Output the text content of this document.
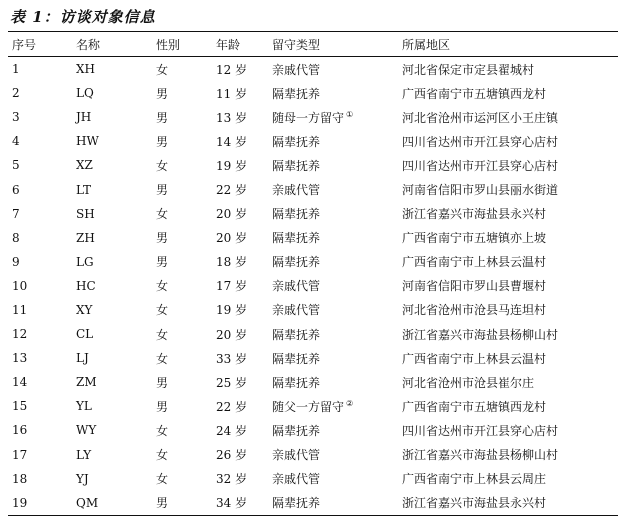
表 1：访谈对象信息
序号	名称	性别	年龄	留守类型	所属地区
1	XH	女	12 岁	亲戚代管	河北省保定市定县翟城村
2	LQ	男	11 岁	隔辈抚养	广西省南宁市五塘镇西龙村
3	JH	男	13 岁	随母一方留守 ①	河北省沧州市运河区小王庄镇
4	HW	男	14 岁	隔辈抚养	四川省达州市开江县穿心店村
5	XZ	女	19 岁	隔辈抚养	四川省达州市开江县穿心店村
6	LT	男	22 岁	亲戚代管	河南省信阳市罗山县丽水街道
7	SH	女	20 岁	隔辈抚养	浙江省嘉兴市海盐县永兴村
8	ZH	男	20 岁	隔辈抚养	广西省南宁市五塘镇亦上坡
9	LG	男	18 岁	隔辈抚养	广西省南宁市上林县云温村
10	HC	女	17 岁	亲戚代管	河南省信阳市罗山县曹堰村
11	XY	女	19 岁	亲戚代管	河北省沧州市沧县马连坦村
12	CL	女	20 岁	隔辈抚养	浙江省嘉兴市海盐县杨柳山村
13	LJ	女	33 岁	隔辈抚养	广西省南宁市上林县云温村
14	ZM	男	25 岁	隔辈抚养	河北省沧州市沧县崔尔庄
15	YL	男	22 岁	随父一方留守 ②	广西省南宁市五塘镇西龙村
16	WY	女	24 岁	隔辈抚养	四川省达州市开江县穿心店村
17	LY	女	26 岁	亲戚代管	浙江省嘉兴市海盐县杨柳山村
18	YJ	女	32 岁	亲戚代管	广西省南宁市上林县云周庄
19	QM	男	34 岁	隔辈抚养	浙江省嘉兴市海盐县永兴村
